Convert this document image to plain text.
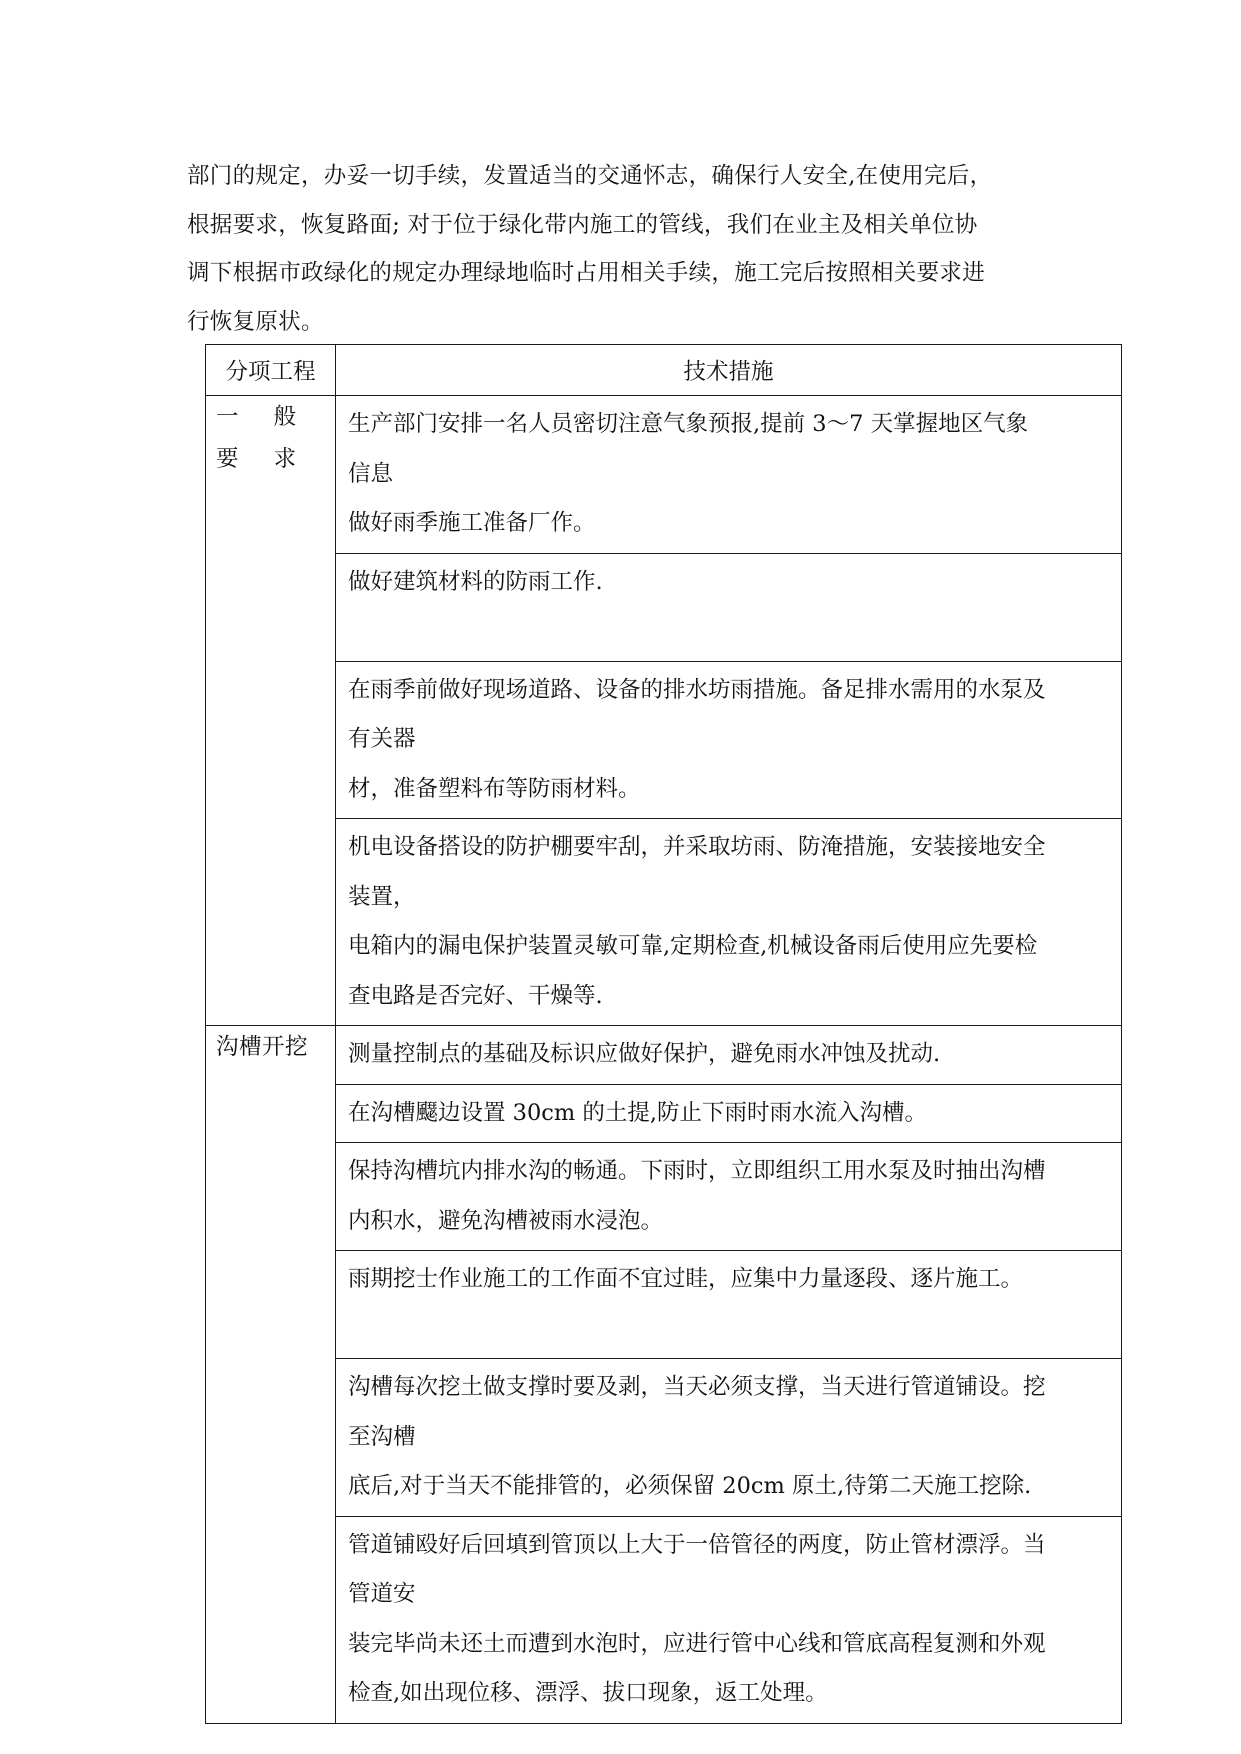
部门的规定，办妥一切手续，发置适当的交通怀志，确保行人安全,在使用完后，
根据要求，恢复路面; 对于位于绿化带内施工的管线，我们在业主及相关单位协
调下根据市政绿化的规定办理绿地临时占用相关手续，施工完后按照相关要求进
行恢复原状。
分项工程	技术措施
一 般 要 求	生产部门安排一名人员密切注意气象预报,提前 3～7 天掌握地区气象
信息
做好雨季施工准备厂作。

	做好建筑材料的防雨工作.

	在雨季前做好现场道路、设备的排水坊雨措施。备足排水需用的水泵及
有关器
材，准备塑料布等防雨材料。

	机电设备搭设的防护棚要牢刮，并采取坊雨、防淹措施，安装接地安全
装置，
电箱内的漏电保护装置灵敏可靠,定期检查,机械设备雨后使用应先要检
查电路是否完好、干燥等.

沟槽开挖	测量控制点的基础及标识应做好保护，避免雨水冲蚀及扰动.

	在沟槽飋边设置 30cm 的土提,防止下雨时雨水流入沟槽。

	保持沟槽坑内排水沟的畅通。下雨时，立即组织工用水泵及时抽出沟槽
内积水，避免沟槽被雨水浸泡。

	雨期挖士作业施工的工作面不宜过眭，应集中力量逐段、逐片施工。

	沟槽每次挖土做支撑时要及剥，当天必须支撑，当天进行管道铺设。挖
至沟槽
底后,对于当天不能排管的，必须保留 20cm 原土,待第二天施工挖除.

	管道铺殴好后回填到管顶以上大于一倍管径的两度，防止管材漂浮。当
管道安
装完毕尚未还土而遭到水泡时，应进行管中心线和管底高程复测和外观
检查,如出现位移、漂浮、拔口现象，返工处理。
